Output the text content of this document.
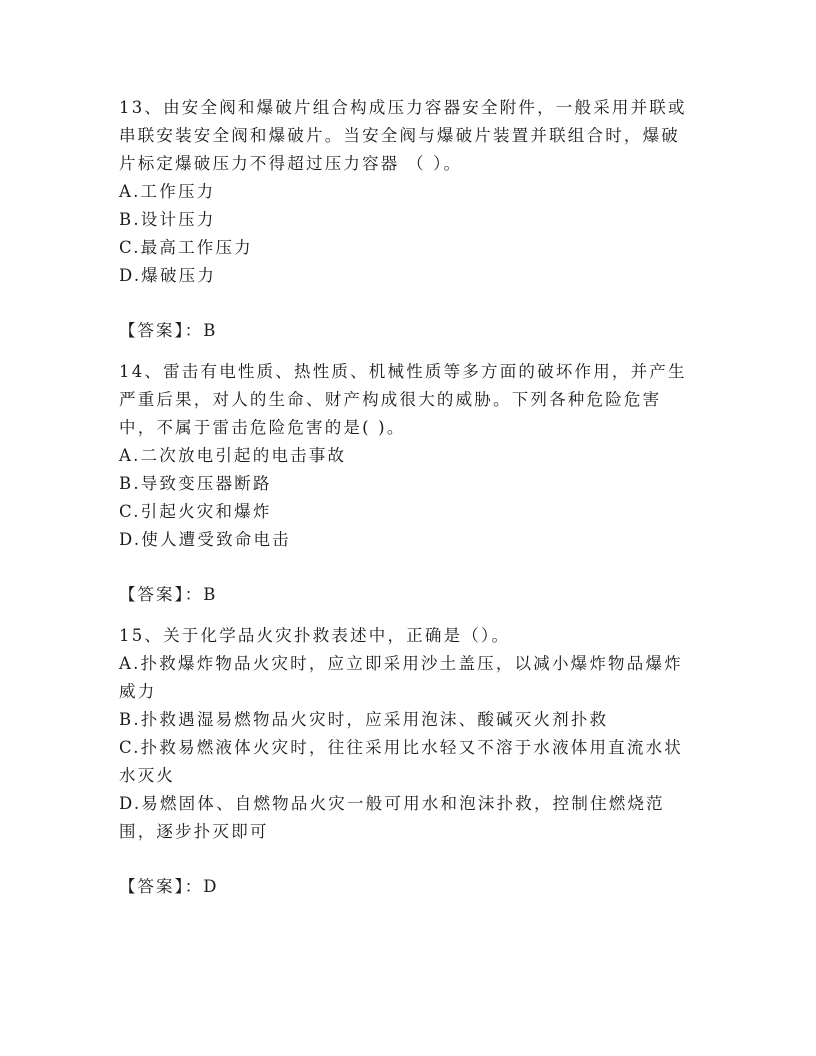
13、由安全阀和爆破片组合构成压力容器安全附件，一般采用并联或
串联安装安全阀和爆破片。当安全阀与爆破片装置并联组合时，爆破
片标定爆破压力不得超过压力容器 （ ）。
A.工作压力
B.设计压力
C.最高工作压力
D.爆破压力
【答案】：B
14、雷击有电性质、热性质、机械性质等多方面的破坏作用，并产生
严重后果，对人的生命、财产构成很大的威胁。下列各种危险危害
中，不属于雷击危险危害的是( )。
A.二次放电引起的电击事故
B.导致变压器断路
C.引起火灾和爆炸
D.使人遭受致命电击
【答案】：B
15、关于化学品火灾扑救表述中，正确是（）。
A.扑救爆炸物品火灾时，应立即采用沙土盖压，以减小爆炸物品爆炸
威力
B.扑救遇湿易燃物品火灾时，应采用泡沫、酸碱灭火剂扑救
C.扑救易燃液体火灾时，往往采用比水轻又不溶于水液体用直流水状
水灭火
D.易燃固体、自燃物品火灾一般可用水和泡沫扑救，控制住燃烧范
围，逐步扑灭即可
【答案】：D
